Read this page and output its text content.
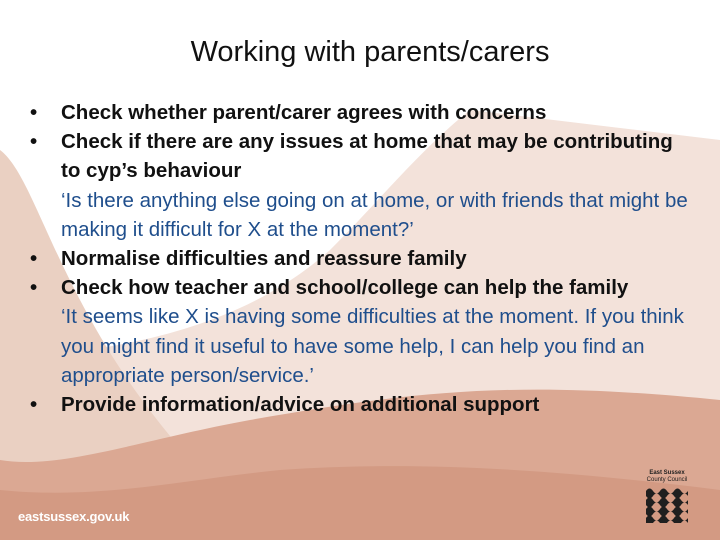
Working with parents/carers
• Check whether parent/carer agrees with concerns
• Check if there are any issues at home that may be contributing to cyp’s behaviour
‘Is there anything else going on at home, or with friends that might be making it difficult for X at the moment?’
• Normalise difficulties and reassure family
• Check how teacher and school/college can help the family
‘It seems like X is having some difficulties at the moment. If you think you might find it useful to have some help, I can help you find an appropriate person/service.’
• Provide information/advice on additional support
eastsussex.gov.uk
East Sussex
County Council
